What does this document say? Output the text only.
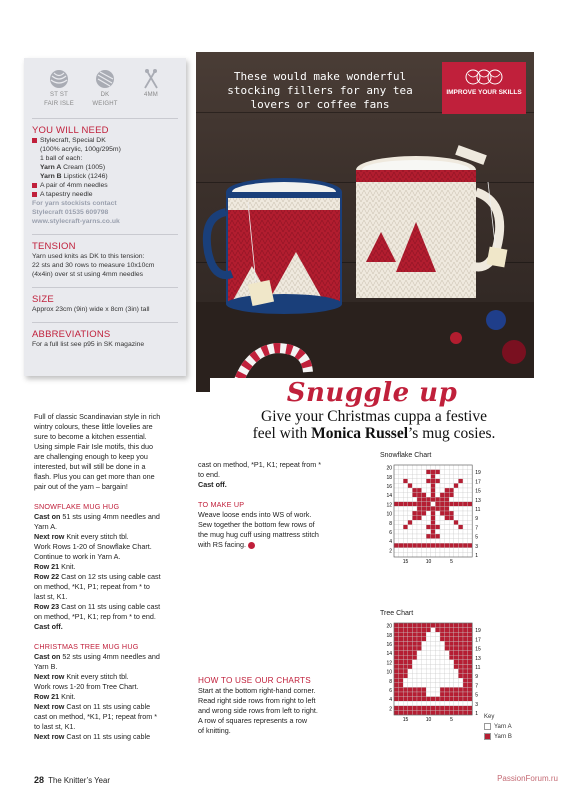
ST ST
FAIR ISLE
DK
WEIGHT
4MM
YOU WILL NEED
Stylecraft, Special DK
(100% acrylic, 100g/295m)
1 ball of each:
Yarn A Cream (1005)
Yarn B Lipstick (1246)
A pair of 4mm needles
A tapestry needle
For yarn stockists contact
Stylecraft 01535 609798
www.stylecraft-yarns.co.uk
TENSION
Yarn used knits as DK to this tension:
22 sts and 30 rows to measure 10x10cm
(4x4in) over st st using 4mm needles
SIZE
Approx 23cm (9in) wide x 8cm (3in) tall
ABBREVIATIONS
For a full list see p95 in SK magazine
These would make wonderful stocking fillers for any tea lovers or coffee fans
IMPROVE YOUR SKILLS
Snuggle up
Give your Christmas cuppa a festive
feel with Monica Russel’s mug cosies.
Full of classic Scandinavian style in rich
wintry colours, these little lovelies are
sure to become a kitchen essential.
Using simple Fair Isle motifs, this duo
are challenging enough to keep you
interested, but will still be done in a
flash. Plus you can get more than one
pair out of the yarn – bargain!
SNOWFLAKE MUG HUG
Cast on 51 sts using 4mm needles and
Yarn A.
Next row Knit every stitch tbl.
Work Rows 1-20 of Snowflake Chart.
Continue to work in Yarn A.
Row 21 Knit.
Row 22 Cast on 12 sts using cable cast
on method, *K1, P1; repeat from * to
last st, K1.
Row 23 Cast on 11 sts using cable cast
on method, *P1, K1; rep from * to end.
Cast off.
CHRISTMAS TREE MUG HUG
Cast on 52 sts using 4mm needles and
Yarn B.
Next row Knit every stitch tbl.
Work rows 1-20 from Tree Chart.
Row 21 Knit.
Next row Cast on 11 sts using cable
cast on method, *K1, P1; repeat from *
to last st, K1.
Next row Cast on 11 sts using cable
cast on method, *P1, K1; repeat from *
to end.
Cast off.
TO MAKE UP
Weave loose ends into WS of work.
Sew together the bottom few rows of
the mug hug cuff using mattress stitch
with RS facing.
HOW TO USE OUR CHARTS
Start at the bottom right-hand corner.
Read right side rows from right to left
and wrong side rows from left to right.
A row of squares represents a row
of knitting.
Snowflake Chart
20
18
16
14
12
10
8
6
4
2
19
17
15
13
11
9
7
5
3
1
15	10	5
Tree Chart
20
18
16
14
12
10
8
6
4
2
19
17
15
13
11
9
7
5
3
1
15	10	5	Key
Yarn A
Yarn B
28 The Knitter’s Year	PassionForum.ru
